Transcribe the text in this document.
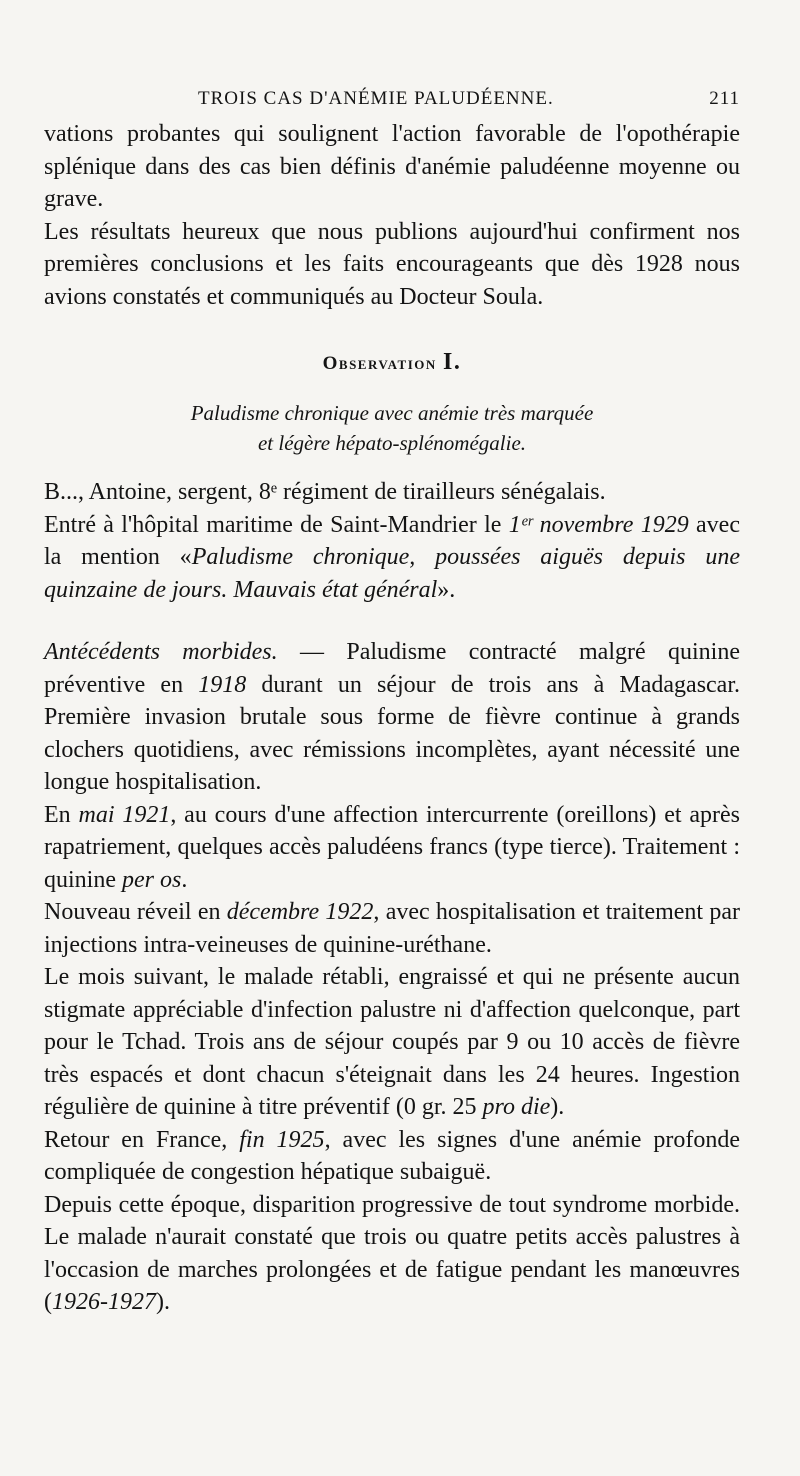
TROIS CAS D'ANÉMIE PALUDÉENNE.	211

vations probantes qui soulignent l'action favorable de l'opothérapie splénique dans des cas bien définis d'anémie paludéenne moyenne ou grave.

Les résultats heureux que nous publions aujourd'hui confirment nos premières conclusions et les faits encourageants que dès 1928 nous avions constatés et communiqués au Docteur Soula.

Observation I.
Paludisme chronique avec anémie très marquée
et légère hépato-splénomégalie.

B..., Antoine, sergent, 8ᵉ régiment de tirailleurs sénégalais.

Entré à l'hôpital maritime de Saint-Mandrier le 1ᵉʳ novembre 1929 avec la mention «Paludisme chronique, poussées aiguës depuis une quinzaine de jours. Mauvais état général».

Antécédents morbides. — Paludisme contracté malgré quinine préventive en 1918 durant un séjour de trois ans à Madagascar. Première invasion brutale sous forme de fièvre continue à grands clochers quotidiens, avec rémissions incomplètes, ayant nécessité une longue hospitalisation.

En mai 1921, au cours d'une affection intercurrente (oreillons) et après rapatriement, quelques accès paludéens francs (type tierce). Traitement : quinine per os.

Nouveau réveil en décembre 1922, avec hospitalisation et traitement par injections intra-veineuses de quinine-uréthane.

Le mois suivant, le malade rétabli, engraissé et qui ne présente aucun stigmate appréciable d'infection palustre ni d'affection quelconque, part pour le Tchad. Trois ans de séjour coupés par 9 ou 10 accès de fièvre très espacés et dont chacun s'éteignait dans les 24 heures. Ingestion régulière de quinine à titre préventif (0 gr. 25 pro die).

Retour en France, fin 1925, avec les signes d'une anémie profonde compliquée de congestion hépatique subaiguë.

Depuis cette époque, disparition progressive de tout syndrome morbide. Le malade n'aurait constaté que trois ou quatre petits accès palustres à l'occasion de marches prolongées et de fatigue pendant les manœuvres (1926-1927).
